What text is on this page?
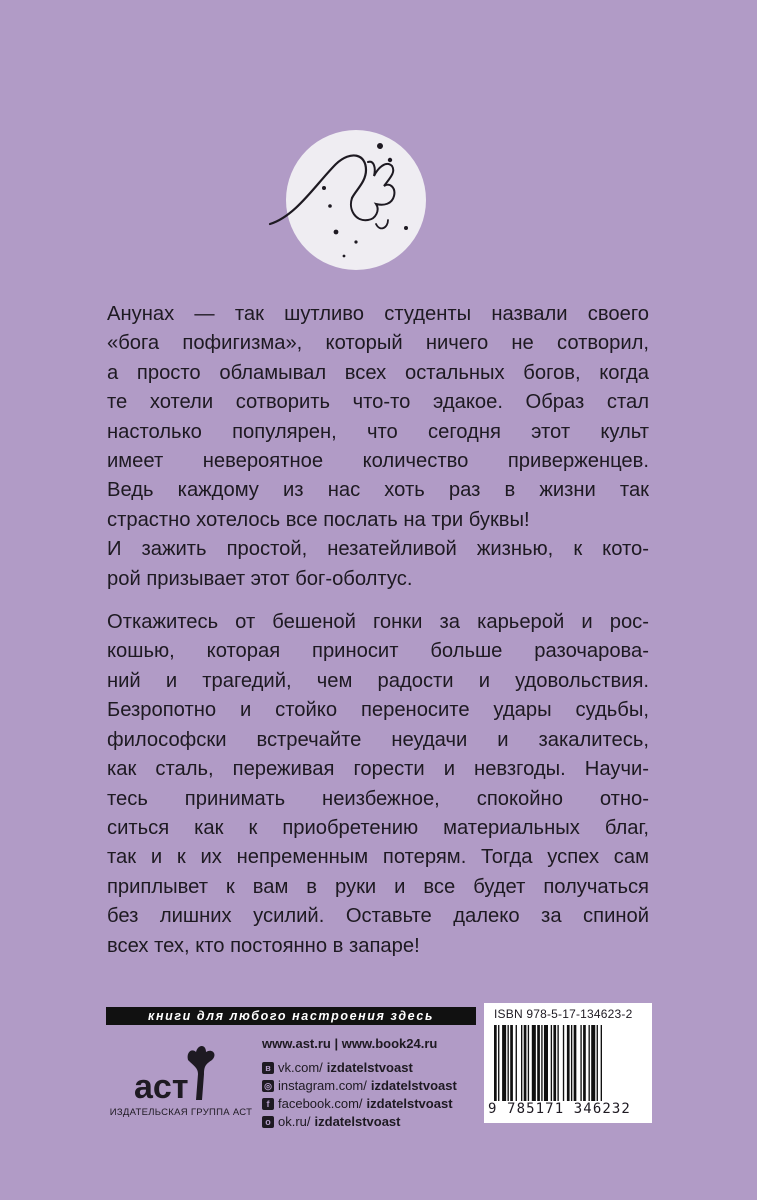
Анунах — так шутливо студенты назвали своего
«бога пофигизма», который ничего не сотворил,
а просто обламывал всех остальных богов, когда
те хотели сотворить что-то эдакое. Образ стал
настолько популярен, что сегодня этот культ
имеет невероятное количество приверженцев.
Ведь каждому из нас хоть раз в жизни так
страстно хотелось все послать на три буквы!
И зажить простой, незатейливой жизнью, к кото-
рой призывает этот бог-оболтус.
Откажитесь от бешеной гонки за карьерой и рос-
кошью, которая приносит больше разочарова-
ний и трагедий, чем радости и удовольствия.
Безропотно и стойко переносите удары судьбы,
философски встречайте неудачи и закалитесь,
как сталь, переживая горести и невзгоды. Научи-
тесь принимать неизбежное, спокойно отно-
ситься как к приобретению материальных благ,
так и к их непременным потерям. Тогда успех сам
приплывет к вам в руки и все будет получаться
без лишних усилий. Оставьте далеко за спиной
всех тех, кто постоянно в запаре!
книги для любого настроения здесь
аст
ИЗДАТЕЛЬСКАЯ ГРУППА АСТ
www.ast.ru | www.book24.ru
в vk.com/ izdatelstvoast
◎ instagram.com/ izdatelstvoast
f facebook.com/ izdatelstvoast
о ok.ru/ izdatelstvoast
ISBN 978-5-17-134623-2
9 785171 346232
